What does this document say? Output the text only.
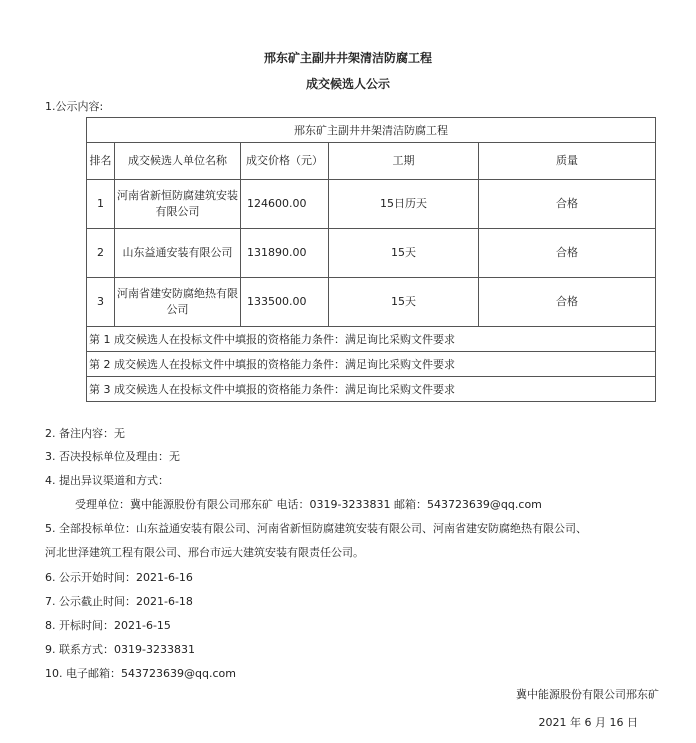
邢东矿主副井井架清洁防腐工程
成交候选人公示
1.公示内容:
邢东矿主副井井架清洁防腐工程				
排名	成交候选人单位名称	成交价格（元）	工期	质量
1	河南省新恒防腐建筑安装有限公司	124600.00	15日历天	合格
2	山东益通安装有限公司	131890.00	15天	合格
3	河南省建安防腐绝热有限公司	133500.00	15天	合格
第 1 成交候选人在投标文件中填报的资格能力条件：满足询比采购文件要求				
第 2 成交候选人在投标文件中填报的资格能力条件：满足询比采购文件要求				
第 3 成交候选人在投标文件中填报的资格能力条件：满足询比采购文件要求				
2. 备注内容：无
3. 否决投标单位及理由：无
4. 提出异议渠道和方式：
受理单位：冀中能源股份有限公司邢东矿 电话：0319-3233831 邮箱：543723639@qq.com
5. 全部投标单位：山东益通安装有限公司、河南省新恒防腐建筑安装有限公司、河南省建安防腐绝热有限公司、
河北世泽建筑工程有限公司、邢台市远大建筑安装有限责任公司。
6. 公示开始时间：2021-6-16
7. 公示截止时间：2021-6-18
8. 开标时间：2021-6-15
9. 联系方式：0319-3233831
10. 电子邮箱：543723639@qq.com
冀中能源股份有限公司邢东矿
2021 年 6 月 16 日
